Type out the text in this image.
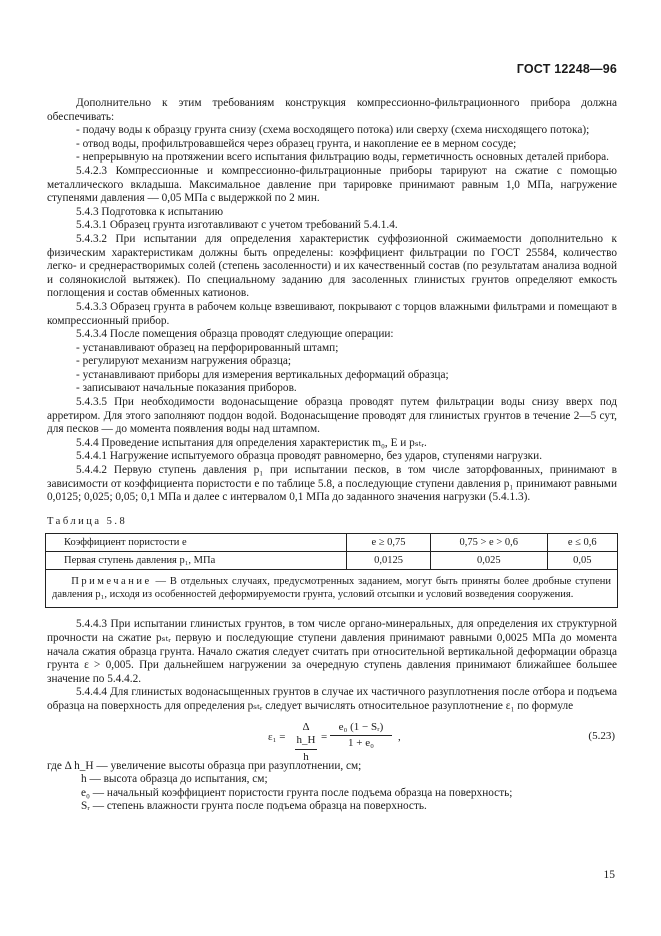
ГОСТ 12248—96

Дополнительно к этим требованиям конструкция компрессионно-фильтрационного прибора должна обеспечивать:

- подачу воды к образцу грунта снизу (схема восходящего потока) или сверху (схема нисходящего потока);

- отвод воды, профильтровавшейся через образец грунта, и накопление ее в мерном сосуде;

- непрерывную на протяжении всего испытания фильтрацию воды, герметичность основных деталей прибора.

5.4.2.3 Компрессионные и компрессионно-фильтрационные приборы тарируют на сжатие с помощью металлического вкладыша. Максимальное давление при тарировке принимают равным 1,0 МПа, нагружение ступенями давления — 0,05 МПа с выдержкой по 2 мин.

5.4.3 Подготовка к испытанию

5.4.3.1 Образец грунта изготавливают с учетом требований 5.4.1.4.

5.4.3.2 При испытании для определения характеристик суффозионной сжимаемости дополнительно к физическим характеристикам должны быть определены: коэффициент фильтрации по ГОСТ 25584, количество легко- и среднерастворимых солей (степень засоленности) и их качественный состав (по результатам анализа водной и солянокислой вытяжек). По специальному заданию для засоленных глинистых грунтов определяют емкость поглощения и состав обменных катионов.

5.4.3.3 Образец грунта в рабочем кольце взвешивают, покрывают с торцов влажными фильтрами и помещают в компрессионный прибор.

5.4.3.4 После помещения образца проводят следующие операции:

- устанавливают образец на перфорированный штамп;

- регулируют механизм нагружения образца;

- устанавливают приборы для измерения вертикальных деформаций образца;

- записывают начальные показания приборов.

5.4.3.5 При необходимости водонасыщение образца проводят путем фильтрации воды снизу вверх под арретиром. Для этого заполняют поддон водой. Водонасыщение проводят для глинистых грунтов в течение 2—5 сут, для песков — до момента появления воды над штампом.

5.4.4 Проведение испытания для определения характеристик m₀, E и pₛₜᵣ.

5.4.4.1 Нагружение испытуемого образца проводят равномерно, без ударов, ступенями нагрузки.

5.4.4.2 Первую ступень давления p₁ при испытании песков, в том числе заторфованных, принимают в зависимости от коэффициента пористости e по таблице 5.8, а последующие ступени давления p₁ принимают равными 0,0125; 0,025; 0,05; 0,1 МПа и далее с интервалом 0,1 МПа до заданного значения нагрузки (5.4.1.3).

Таблица 5.8

Коэффициент пористости e	e ≥ 0,75	0,75 > e > 0,6	e ≤ 0,6
Первая ступень давления p₁, МПа	0,0125	0,025	0,05
Примечание — В отдельных случаях, предусмотренных заданием, могут быть приняты более дробные ступени давления p₁, исходя из особенностей деформируемости грунта, условий отсыпки и условий возведения сооружения.			

5.4.4.3 При испытании глинистых грунтов, в том числе органо-минеральных, для определения их структурной прочности на сжатие pₛₜᵣ первую и последующие ступени давления принимают равными 0,0025 МПа до момента начала сжатия образца грунта. Начало сжатия следует считать при относительной вертикальной деформации образца грунта ε > 0,005. При дальнейшем нагружении за очередную ступень давления принимают ближайшее большее значение по 5.4.4.2.

5.4.4.4 Для глинистых водонасыщенных грунтов в случае их частичного разуплотнения после отбора и подъема образца на поверхность для определения pₛₜᵣ следует вычислять относительное разуплотнение ε₁ по формуле

ε₁ =
Δ h_H
h
=
e₀ (1 − Sᵣ)
1 + e₀
,	(5.23)

где Δ h_H — увеличение высоты образца при разуплотнении, см;

h — высота образца до испытания, см;

e₀ — начальный коэффициент пористости грунта после подъема образца на поверхность;

Sᵣ — степень влажности грунта после подъема образца на поверхность.

15
